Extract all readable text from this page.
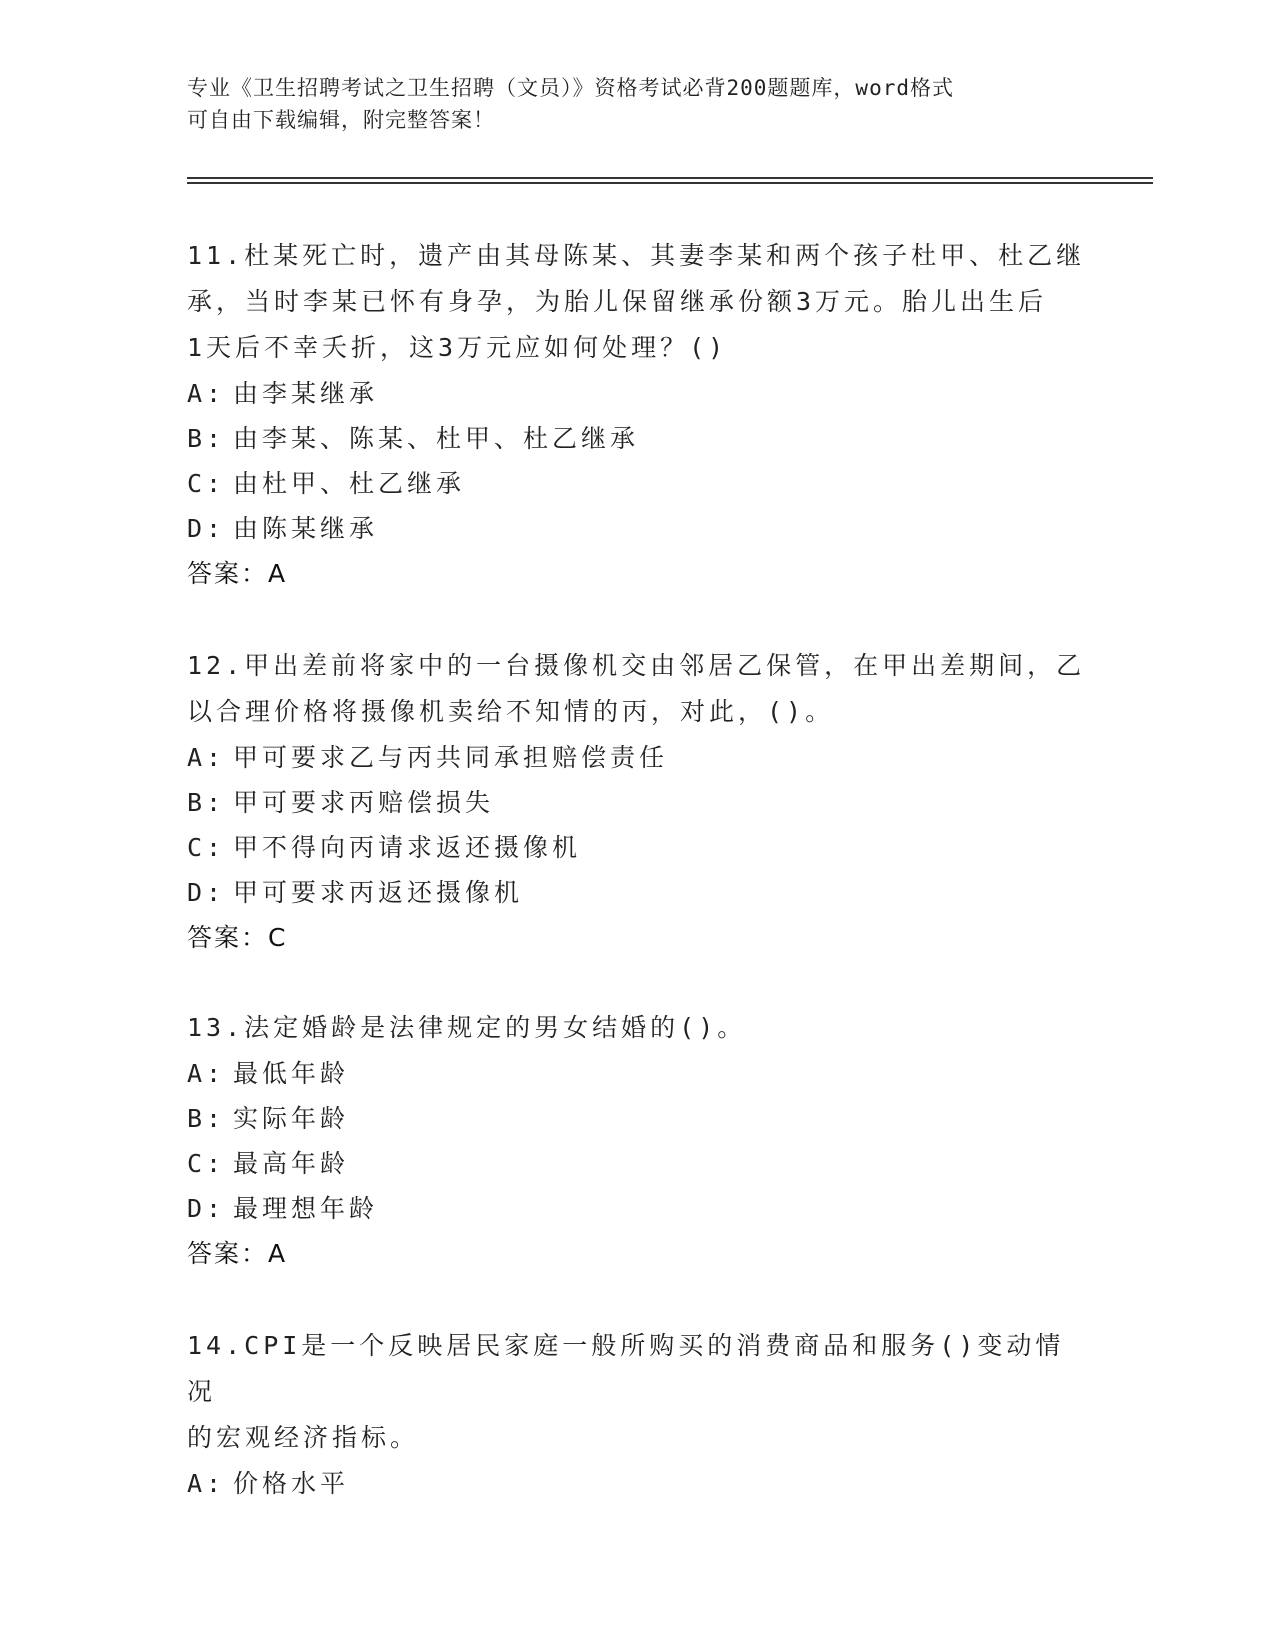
专业《卫生招聘考试之卫生招聘（文员）》资格考试必背200题题库，word格式
可自由下载编辑，附完整答案！

11.杜某死亡时，遗产由其母陈某、其妻李某和两个孩子杜甲、杜乙继

承，当时李某已怀有身孕，为胎儿保留继承份额3万元。胎儿出生后

1天后不幸夭折，这3万元应如何处理？()

A: 由李某继承

B: 由李某、陈某、杜甲、杜乙继承

C: 由杜甲、杜乙继承

D: 由陈某继承

答案：A

12.甲出差前将家中的一台摄像机交由邻居乙保管，在甲出差期间，乙

以合理价格将摄像机卖给不知情的丙，对此，()。

A: 甲可要求乙与丙共同承担赔偿责任

B: 甲可要求丙赔偿损失

C: 甲不得向丙请求返还摄像机

D: 甲可要求丙返还摄像机

答案：C

13.法定婚龄是法律规定的男女结婚的()。

A: 最低年龄

B: 实际年龄

C: 最高年龄

D: 最理想年龄

答案：A

14.CPI是一个反映居民家庭一般所购买的消费商品和服务()变动情况

的宏观经济指标。

A: 价格水平
